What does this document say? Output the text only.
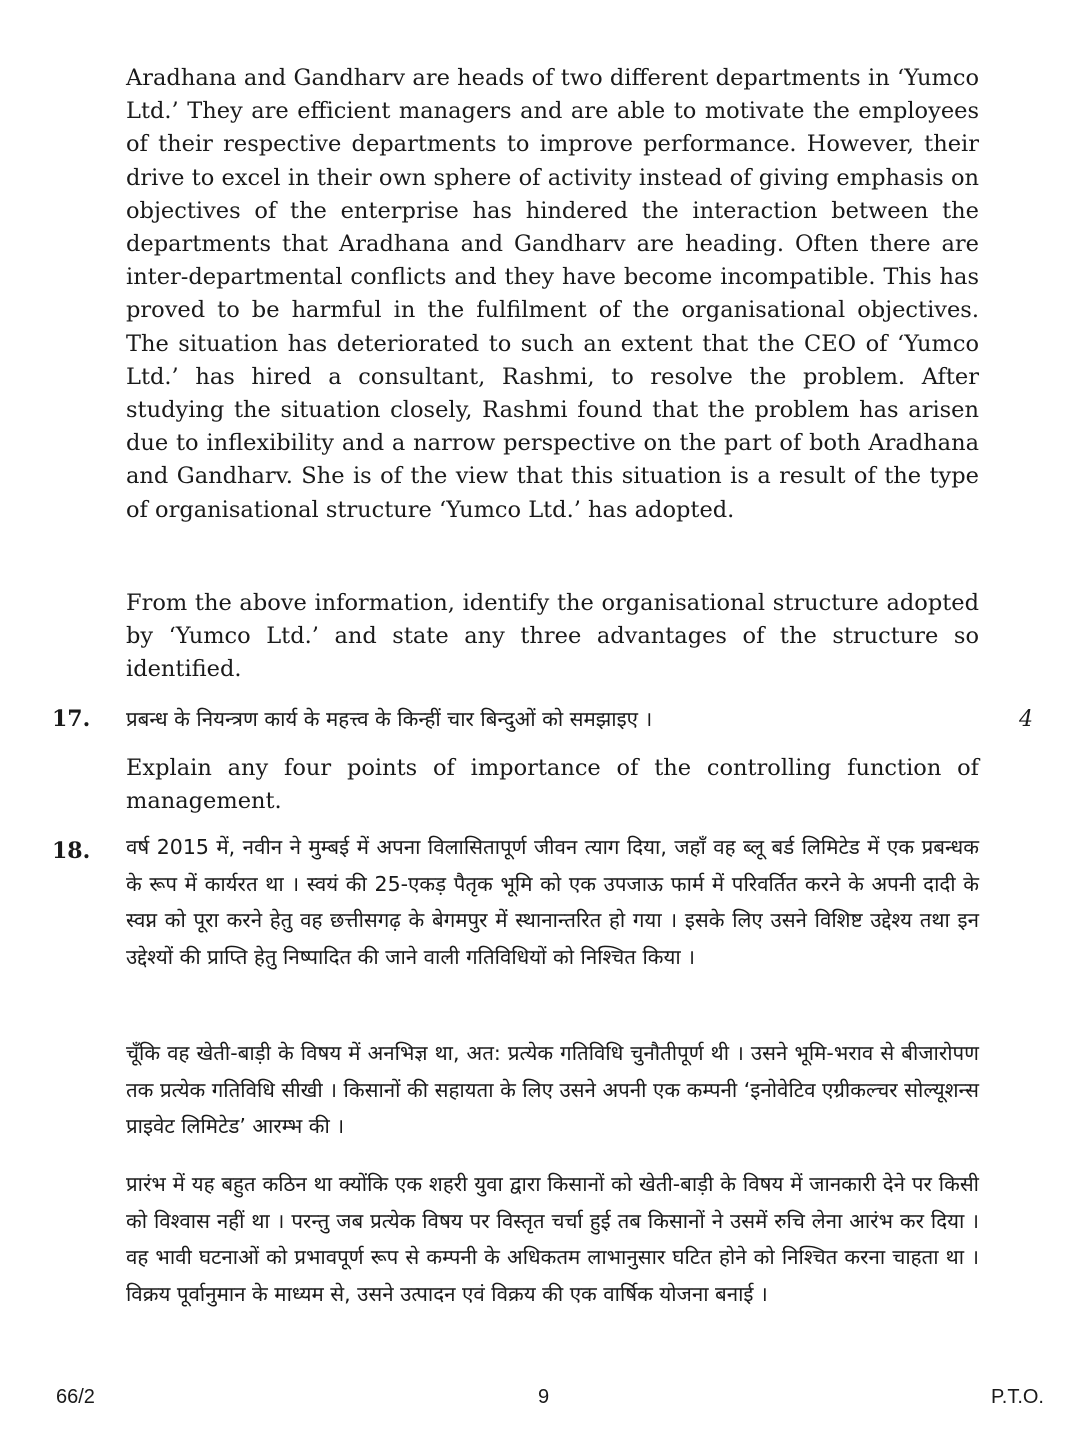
Aradhana and Gandharv are heads of two different departments in ‘Yumco Ltd.’ They are efficient managers and are able to motivate the employees of their respective departments to improve performance. However, their drive to excel in their own sphere of activity instead of giving emphasis on objectives of the enterprise has hindered the interaction between the departments that Aradhana and Gandharv are heading. Often there are inter-departmental conflicts and they have become incompatible. This has proved to be harmful in the fulfilment of the organisational objectives. The situation has deteriorated to such an extent that the CEO of ‘Yumco Ltd.’ has hired a consultant, Rashmi, to resolve the problem. After studying the situation closely, Rashmi found that the problem has arisen due to inflexibility and a narrow perspective on the part of both Aradhana and Gandharv. She is of the view that this situation is a result of the type of organisational structure ‘Yumco Ltd.’ has adopted.

From the above information, identify the organisational structure adopted by ‘Yumco Ltd.’ and state any three advantages of the structure so identified.

17. प्रबन्ध के नियन्त्रण कार्य के महत्त्व के किन्हीं चार बिन्दुओं को समझाइए ।	4

Explain any four points of importance of the controlling function of management.

18. वर्ष 2015 में, नवीन ने मुम्बई में अपना विलासितापूर्ण जीवन त्याग दिया, जहाँ वह ब्लू बर्ड लिमिटेड में एक प्रबन्धक के रूप में कार्यरत था । स्वयं की 25-एकड़ पैतृक भूमि को एक उपजाऊ फार्म में परिवर्तित करने के अपनी दादी के स्वप्न को पूरा करने हेतु वह छत्तीसगढ़ के बेगमपुर में स्थानान्तरित हो गया । इसके लिए उसने विशिष्ट उद्देश्य तथा इन उद्देश्यों की प्राप्ति हेतु निष्पादित की जाने वाली गतिविधियों को निश्चित किया ।

चूँकि वह खेती-बाड़ी के विषय में अनभिज्ञ था, अत: प्रत्येक गतिविधि चुनौतीपूर्ण थी । उसने भूमि-भराव से बीजारोपण तक प्रत्येक गतिविधि सीखी । किसानों की सहायता के लिए उसने अपनी एक कम्पनी ‘इनोवेटिव एग्रीकल्चर सोल्यूशन्स प्राइवेट लिमिटेड’ आरम्भ की ।

प्रारंभ में यह बहुत कठिन था क्योंकि एक शहरी युवा द्वारा किसानों को खेती-बाड़ी के विषय में जानकारी देने पर किसी को विश्वास नहीं था । परन्तु जब प्रत्येक विषय पर विस्तृत चर्चा हुई तब किसानों ने उसमें रुचि लेना आरंभ कर दिया । वह भावी घटनाओं को प्रभावपूर्ण रूप से कम्पनी के अधिकतम लाभानुसार घटित होने को निश्चित करना चाहता था । विक्रय पूर्वानुमान के माध्यम से, उसने उत्पादन एवं विक्रय की एक वार्षिक योजना बनाई ।

66/2	9	P.T.O.
